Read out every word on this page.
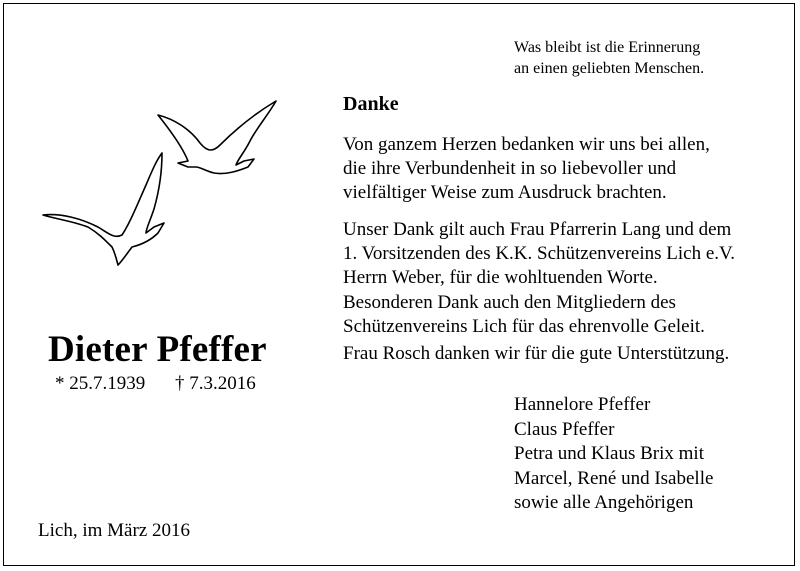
Was bleibt ist die Erinnerung
an einen geliebten Menschen.
Dieter Pfeffer
* 25.7.1939 † 7.3.2016
Lich, im März 2016
Danke
Von ganzem Herzen bedanken wir uns bei allen,
die ihre Verbundenheit in so liebevoller und
vielfältiger Weise zum Ausdruck brachten.
Unser Dank gilt auch Frau Pfarrerin Lang und dem
1. Vorsitzenden des K.K. Schützenvereins Lich e.V.
Herrn Weber, für die wohltuenden Worte.
Besonderen Dank auch den Mitgliedern des
Schützenvereins Lich für das ehrenvolle Geleit.
Frau Rosch danken wir für die gute Unterstützung.
Hannelore Pfeffer
Claus Pfeffer
Petra und Klaus Brix mit
Marcel, René und Isabelle
sowie alle Angehörigen
